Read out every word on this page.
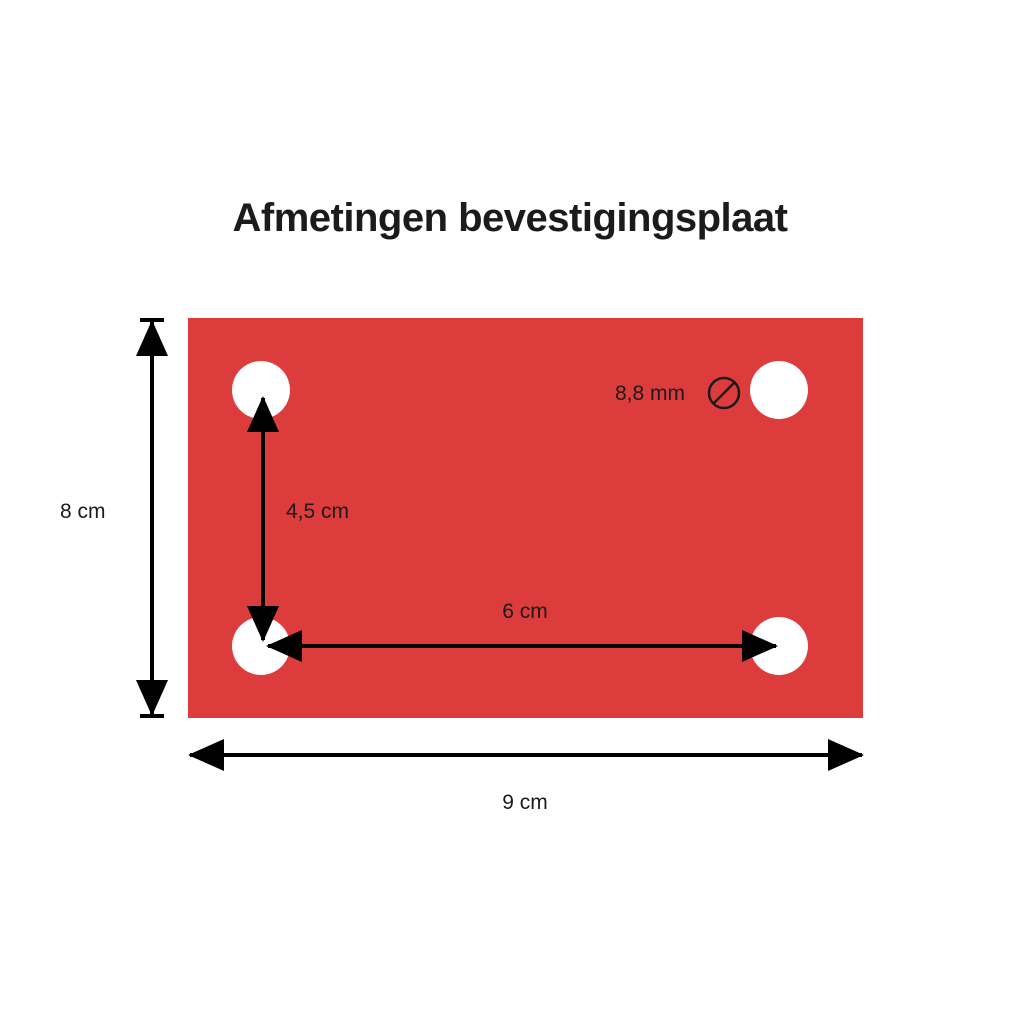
Afmetingen bevestigingsplaat
8 cm
9 cm
4,5 cm
6 cm
8,8 mm
